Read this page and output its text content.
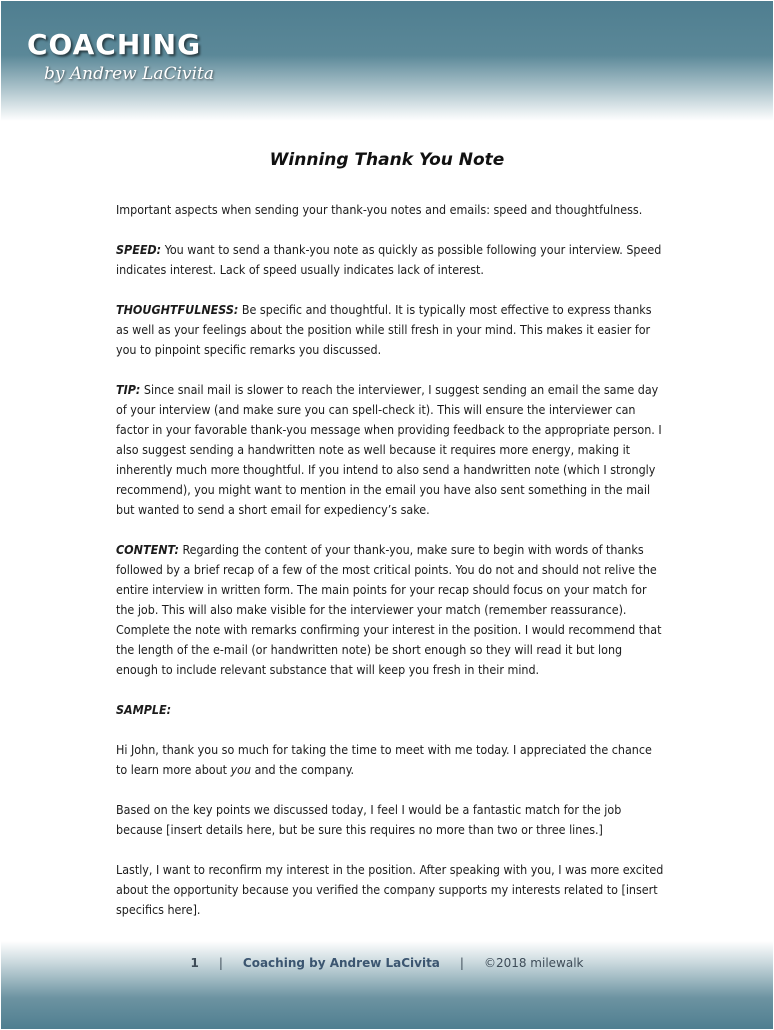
COACHING
by Andrew LaCivita
Winning Thank You Note

Important aspects when sending your thank-you notes and emails: speed and thoughtfulness.

SPEED: You want to send a thank-you note as quickly as possible following your interview. Speed indicates interest. Lack of speed usually indicates lack of interest.

THOUGHTFULNESS: Be specific and thoughtful. It is typically most effective to express thanks as well as your feelings about the position while still fresh in your mind. This makes it easier for you to pinpoint specific remarks you discussed.

TIP: Since snail mail is slower to reach the interviewer, I suggest sending an email the same day of your interview (and make sure you can spell-check it). This will ensure the interviewer can factor in your favorable thank-you message when providing feedback to the appropriate person. I also suggest sending a handwritten note as well because it requires more energy, making it inherently much more thoughtful. If you intend to also send a handwritten note (which I strongly recommend), you might want to mention in the email you have also sent something in the mail but wanted to send a short email for expediency’s sake.

CONTENT: Regarding the content of your thank-you, make sure to begin with words of thanks followed by a brief recap of a few of the most critical points. You do not and should not relive the entire interview in written form. The main points for your recap should focus on your match for the job. This will also make visible for the interviewer your match (remember reassurance). Complete the note with remarks confirming your interest in the position. I would recommend that the length of the e-mail (or handwritten note) be short enough so they will read it but long enough to include relevant substance that will keep you fresh in their mind.

SAMPLE:

Hi John, thank you so much for taking the time to meet with me today. I appreciated the chance to learn more about you and the company.

Based on the key points we discussed today, I feel I would be a fantastic match for the job because [insert details here, but be sure this requires no more than two or three lines.]

Lastly, I want to reconfirm my interest in the position. After speaking with you, I was more excited about the opportunity because you verified the company supports my interests related to [insert specifics here].

1 | Coaching by Andrew LaCivita | ©2018 milewalk
